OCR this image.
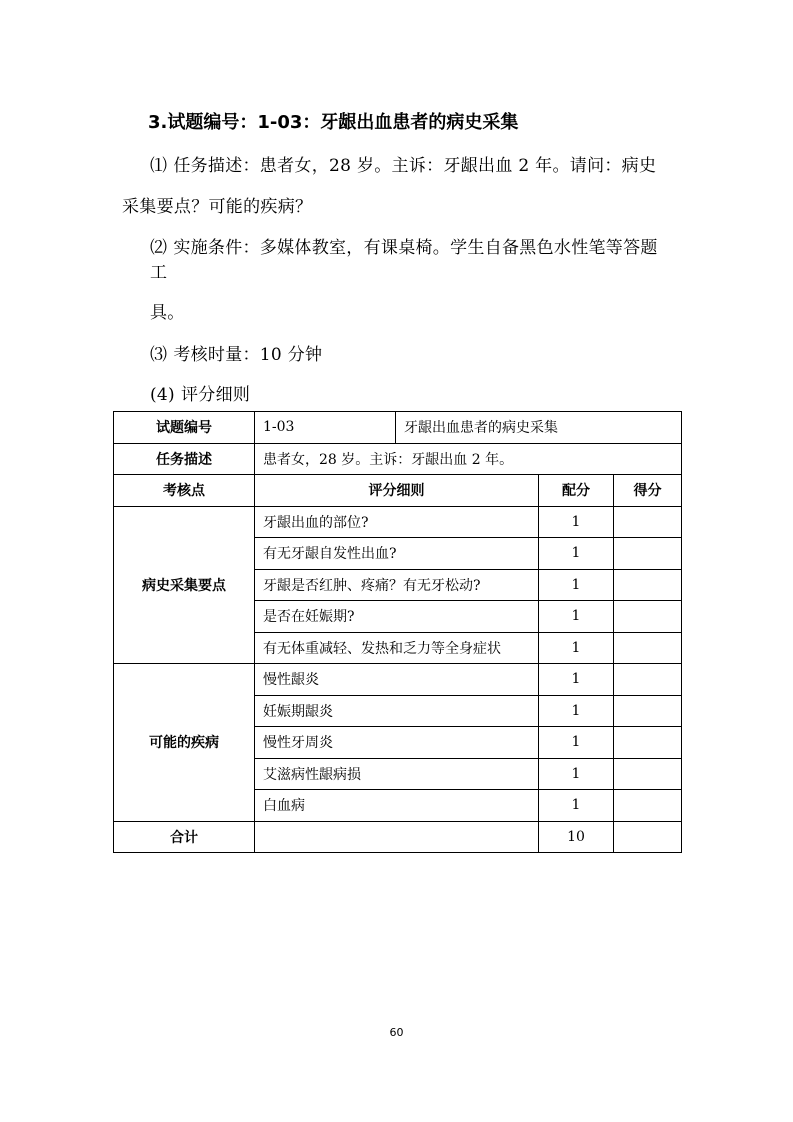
3.试题编号：1-03：牙龈出血患者的病史采集
⑴ 任务描述：患者女，28 岁。主诉：牙龈出血 2 年。请问：病史
采集要点？可能的疾病？
⑵ 实施条件：多媒体教室，有课桌椅。学生自备黑色水性笔等答题
工
具。
⑶ 考核时量：10 分钟
(4) 评分细则
试题编号	1-03	牙龈出血患者的病史采集		
任务描述	患者女，28 岁。主诉：牙龈出血 2 年。			
考核点	评分细则		配分	得分
病史采集要点	牙龈出血的部位?		1	
	有无牙龈自发性出血?		1	
	牙龈是否红肿、疼痛？有无牙松动?		1	
	是否在妊娠期?		1	
	有无体重减轻、发热和乏力等全身症状		1	
可能的疾病	慢性龈炎		1	
	妊娠期龈炎		1	
	慢性牙周炎		1	
	艾滋病性龈病损		1	
	白血病		1	
合计			10	
60
